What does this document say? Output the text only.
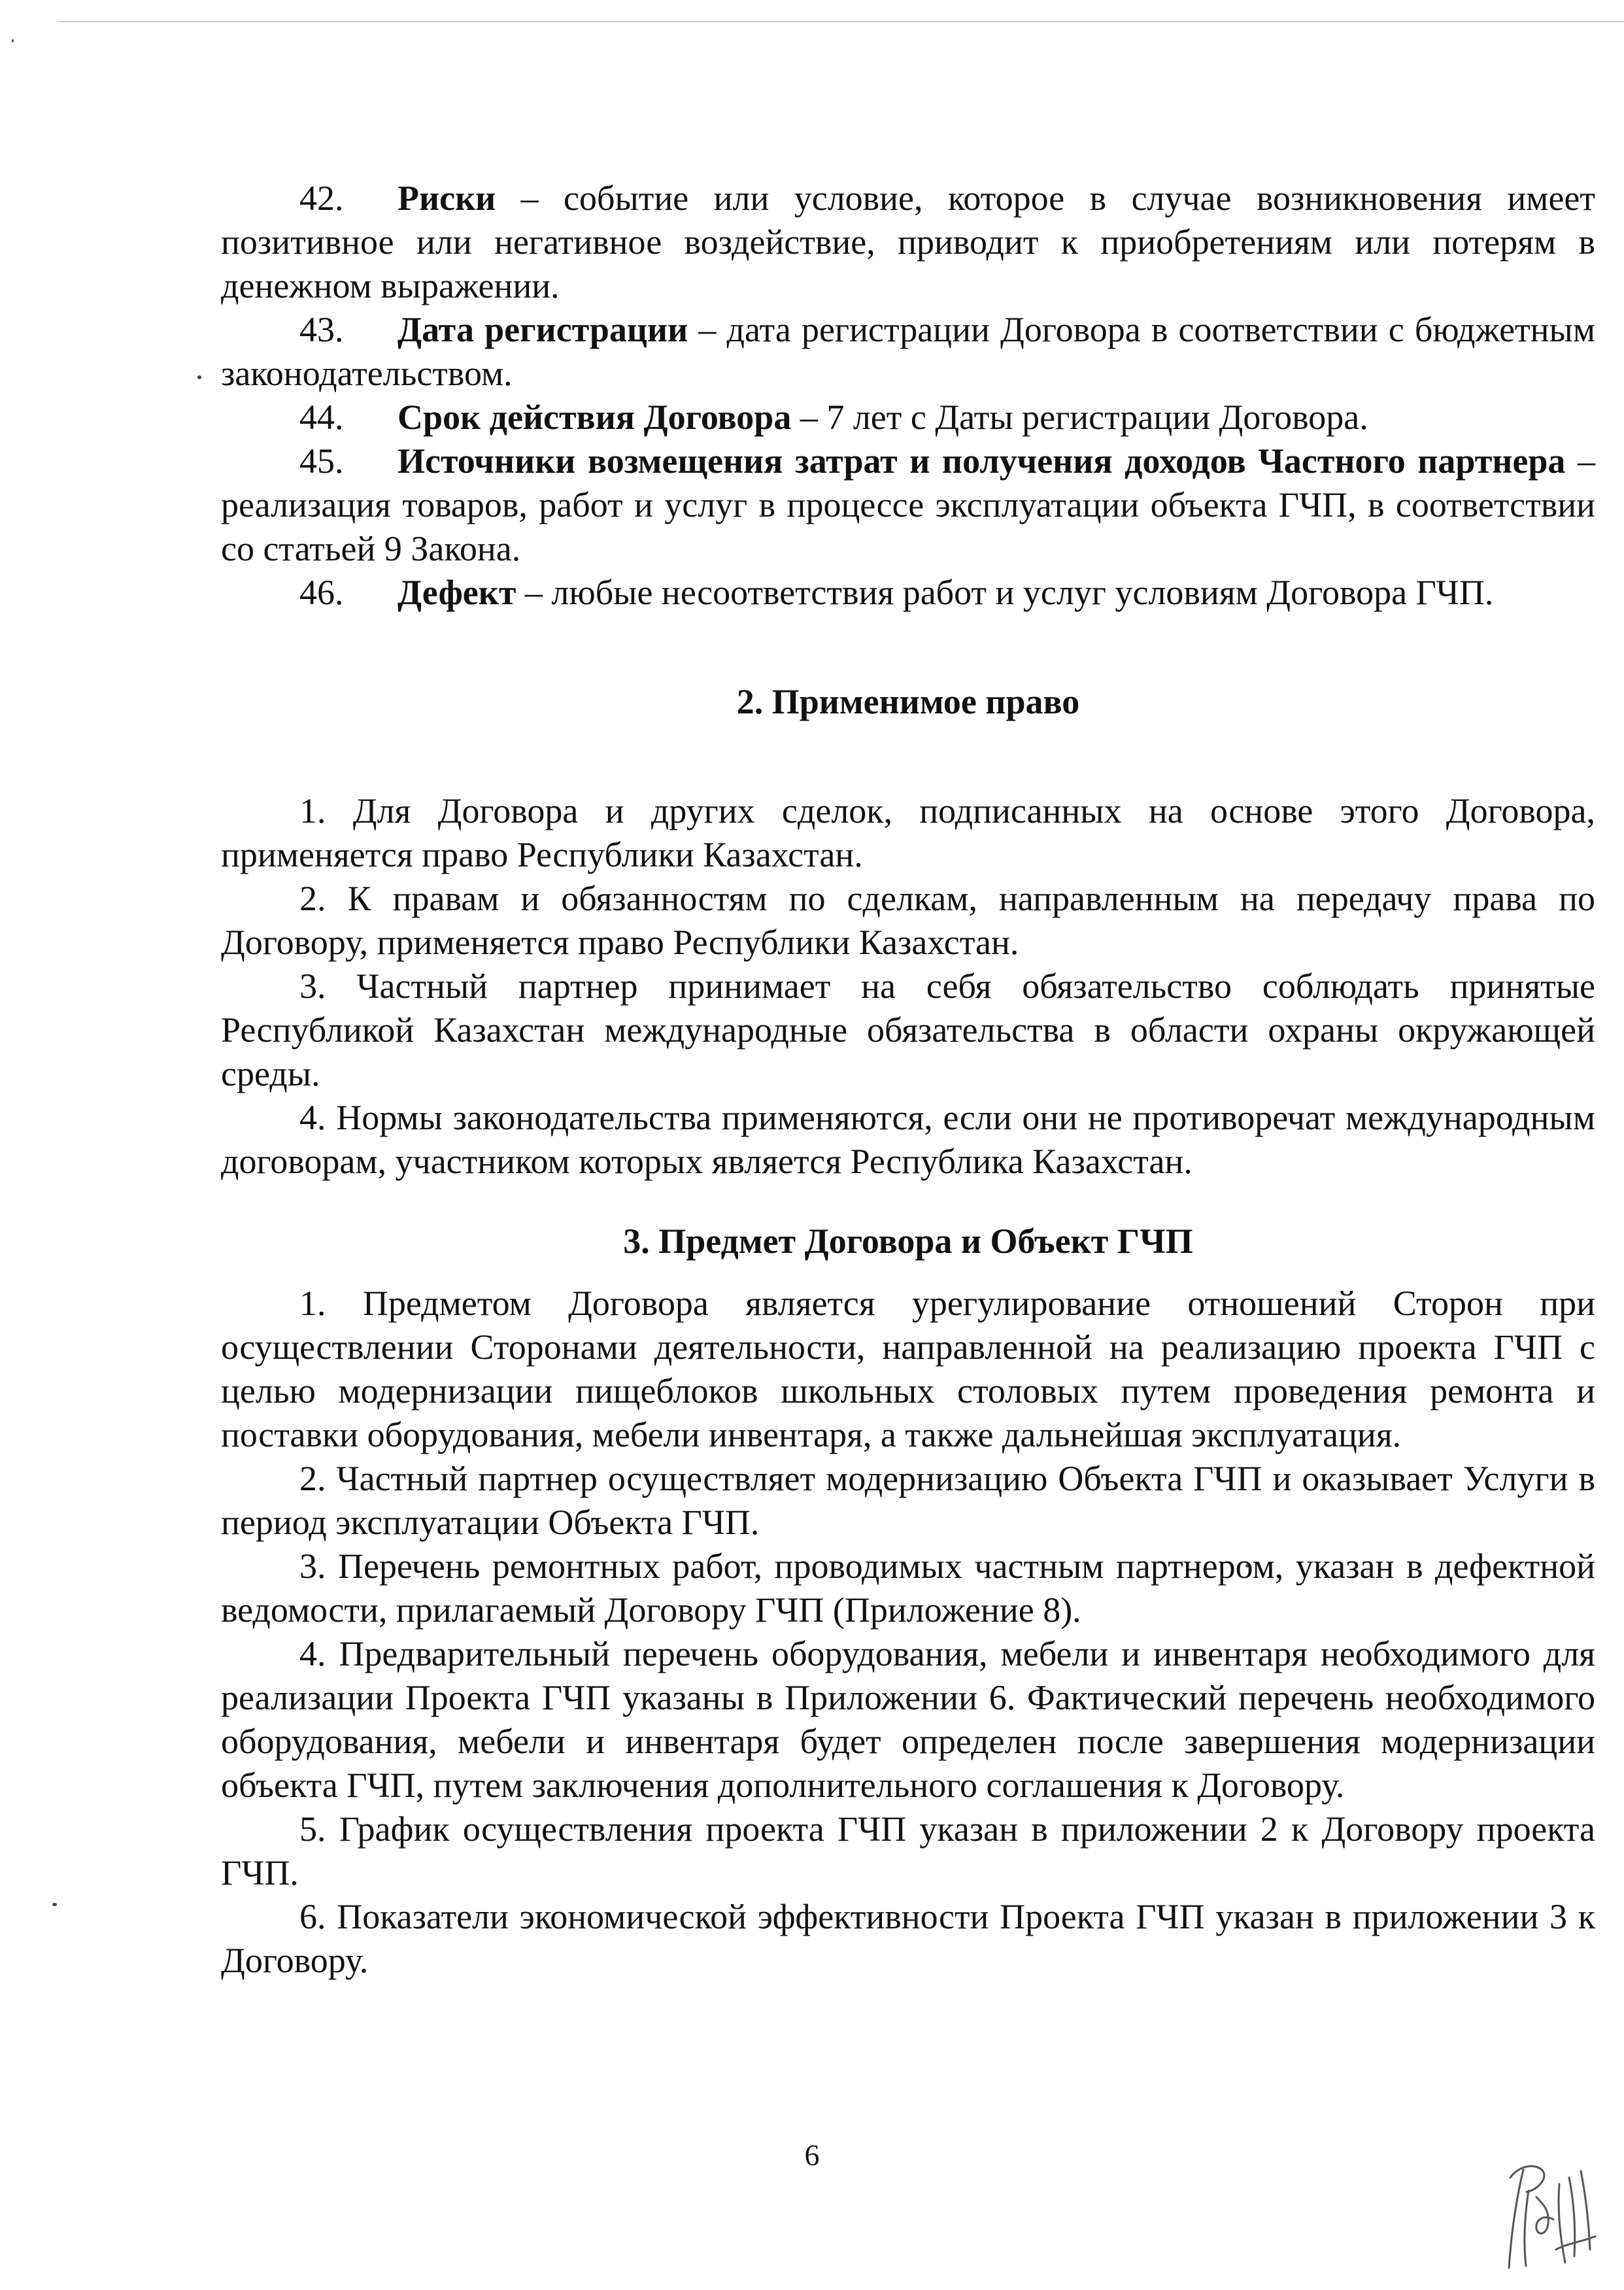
42. Риски – событие или условие, которое в случае возникновения имеет позитивное или негативное воздействие, приводит к приобретениям или потерям в денежном выражении.

43. Дата регистрации – дата регистрации Договора в соответствии с бюджетным законодательством.

44. Срок действия Договора – 7 лет с Даты регистрации Договора.

45. Источники возмещения затрат и получения доходов Частного партнера – реализация товаров, работ и услуг в процессе эксплуатации объекта ГЧП, в соответствии со статьей 9 Закона.

46. Дефект – любые несоответствия работ и услуг условиям Договора ГЧП.

2. Применимое право

1. Для Договора и других сделок, подписанных на основе этого Договора, применяется право Республики Казахстан.

2. К правам и обязанностям по сделкам, направленным на передачу права по Договору, применяется право Республики Казахстан.

3. Частный партнер принимает на себя обязательство соблюдать принятые Республикой Казахстан международные обязательства в области охраны окружающей среды.

4. Нормы законодательства применяются, если они не противоречат международным договорам, участником которых является Республика Казахстан.

3. Предмет Договора и Объект ГЧП

1. Предметом Договора является урегулирование отношений Сторон при осуществлении Сторонами деятельности, направленной на реализацию проекта ГЧП с целью модернизации пищеблоков школьных столовых путем проведения ремонта и поставки оборудования, мебели инвентаря, а также дальнейшая эксплуатация.

2. Частный партнер осуществляет модернизацию Объекта ГЧП и оказывает Услуги в период эксплуатации Объекта ГЧП.

3. Перечень ремонтных работ, проводимых частным партнером, указан в дефектной ведомости, прилагаемый Договору ГЧП (Приложение 8).

4. Предварительный перечень оборудования, мебели и инвентаря необходимого для реализации Проекта ГЧП указаны в Приложении 6. Фактический перечень необходимого оборудования, мебели и инвентаря будет определен после завершения модернизации объекта ГЧП, путем заключения дополнительного соглашения к Договору.

5. График осуществления проекта ГЧП указан в приложении 2 к Договору проекта ГЧП.

6. Показатели экономической эффективности Проекта ГЧП указан в приложении 3 к Договору.

6
